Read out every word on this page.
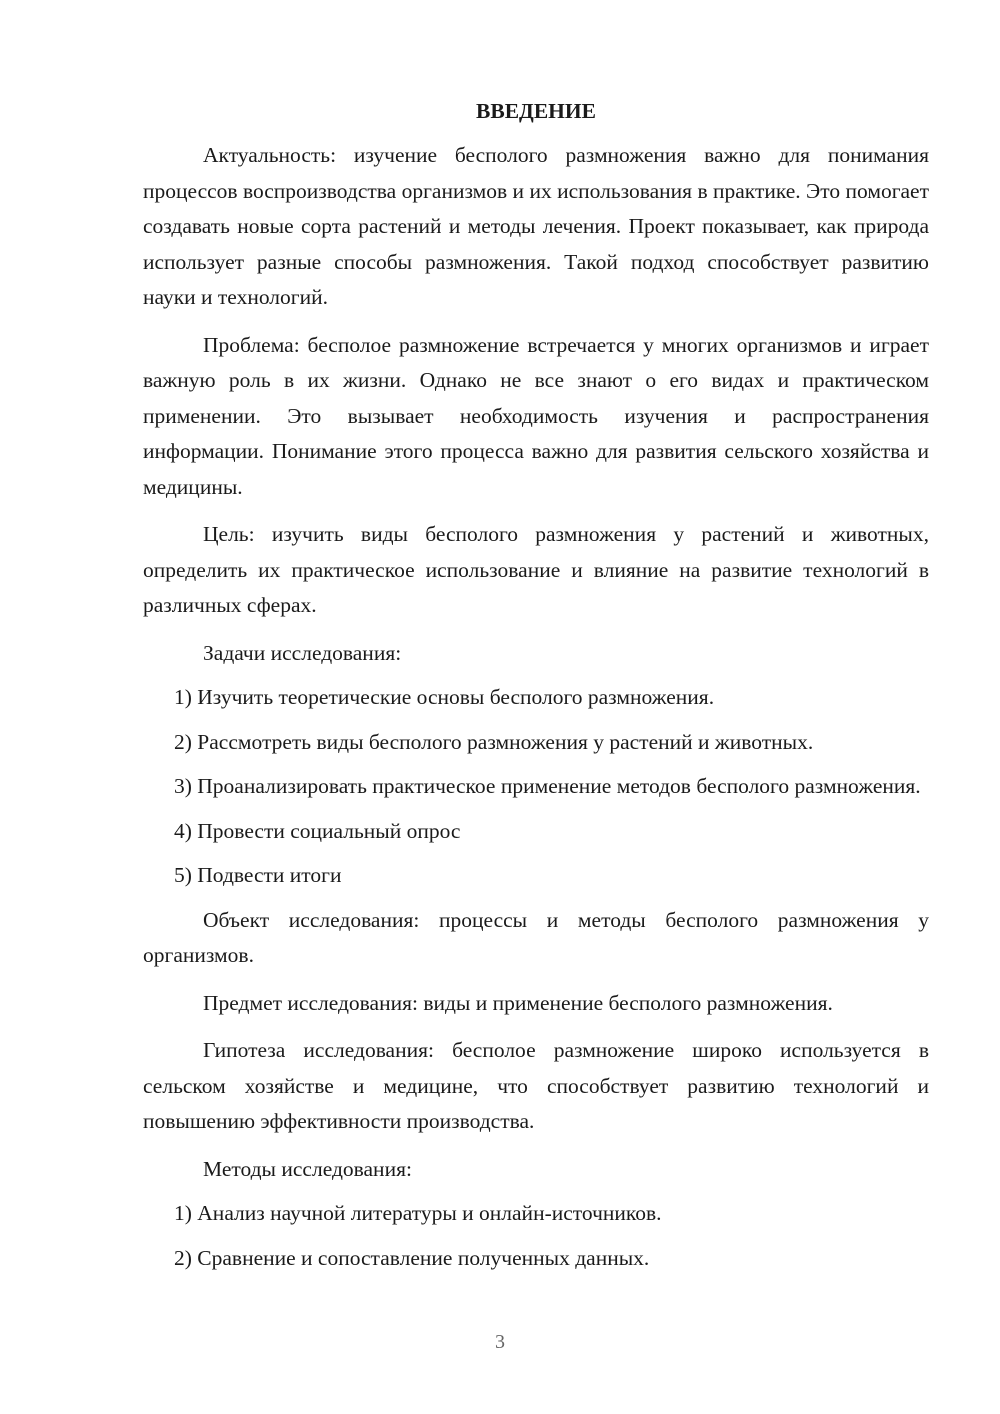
ВВЕДЕНИЕ
Актуальность: изучение бесполого размножения важно для понимания процессов воспроизводства организмов и их использования в практике. Это помогает создавать новые сорта растений и методы лечения. Проект показывает, как природа использует разные способы размножения. Такой подход способствует развитию науки и технологий.
Проблема: бесполое размножение встречается у многих организмов и играет важную роль в их жизни. Однако не все знают о его видах и практическом применении. Это вызывает необходимость изучения и распространения информации. Понимание этого процесса важно для развития сельского хозяйства и медицины.
Цель: изучить виды бесполого размножения у растений и животных, определить их практическое использование и влияние на развитие технологий в различных сферах.
Задачи исследования:
1) Изучить теоретические основы бесполого размножения.
2) Рассмотреть виды бесполого размножения у растений и животных.
3) Проанализировать практическое применение методов бесполого размножения.
4) Провести социальный опрос
5) Подвести итоги
Объект исследования: процессы и методы бесполого размножения у организмов.
Предмет исследования: виды и применение бесполого размножения.
Гипотеза исследования: бесполое размножение широко используется в сельском хозяйстве и медицине, что способствует развитию технологий и повышению эффективности производства.
Методы исследования:
1) Анализ научной литературы и онлайн-источников.
2) Сравнение и сопоставление полученных данных.
3
